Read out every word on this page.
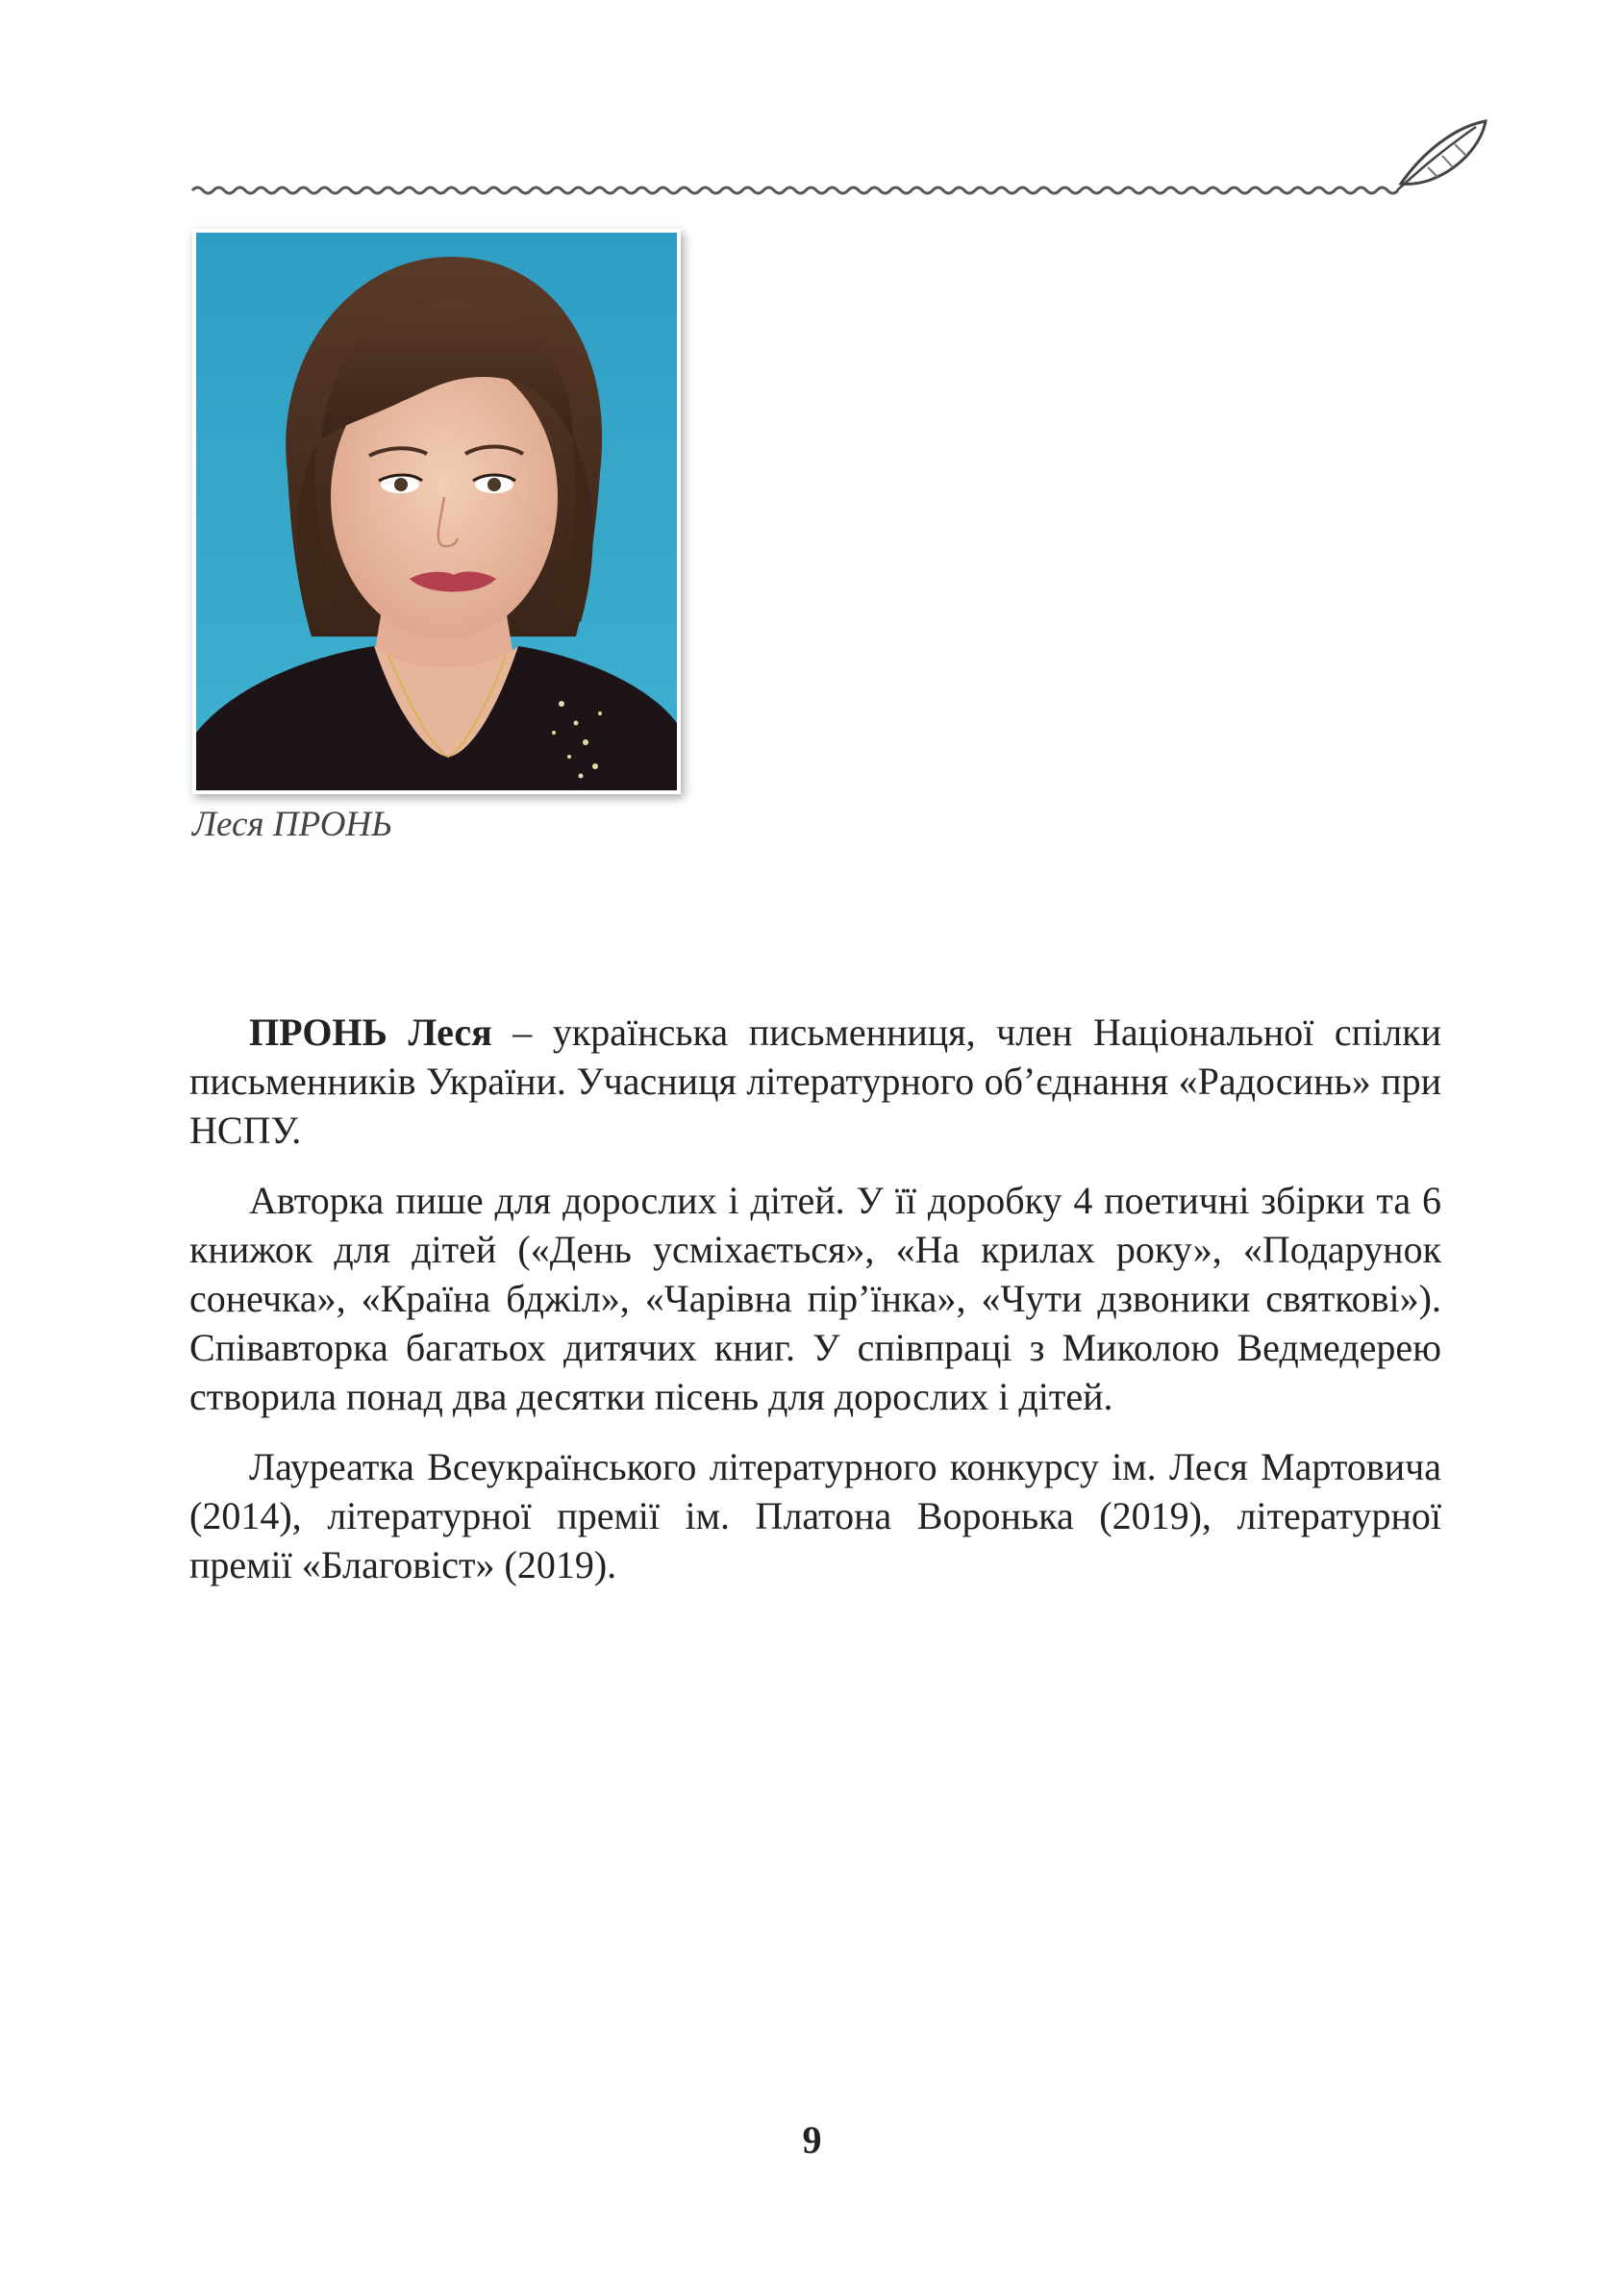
Леся ПРОНЬ

ПРОНЬ Леся – українська письменниця, член Національної спілки письменників України. Учасниця літературного об’єднання «Радосинь» при НСПУ.

Авторка пише для дорослих і дітей. У її доробку 4 поетичні збірки та 6 книжок для дітей («День усміхається», «На крилах року», «Подарунок сонечка», «Країна бджіл», «Чарівна пір’їнка», «Чути дзвоники святкові»). Співавторка багатьох дитячих книг. У співпраці з Миколою Ведмедерею створила понад два десятки пісень для дорослих і дітей.

Лауреатка Всеукраїнського літературного конкурсу ім. Леся Мартовича (2014), літературної премії ім. Платона Воронька (2019), літературної премії «Благовіст» (2019).

9
